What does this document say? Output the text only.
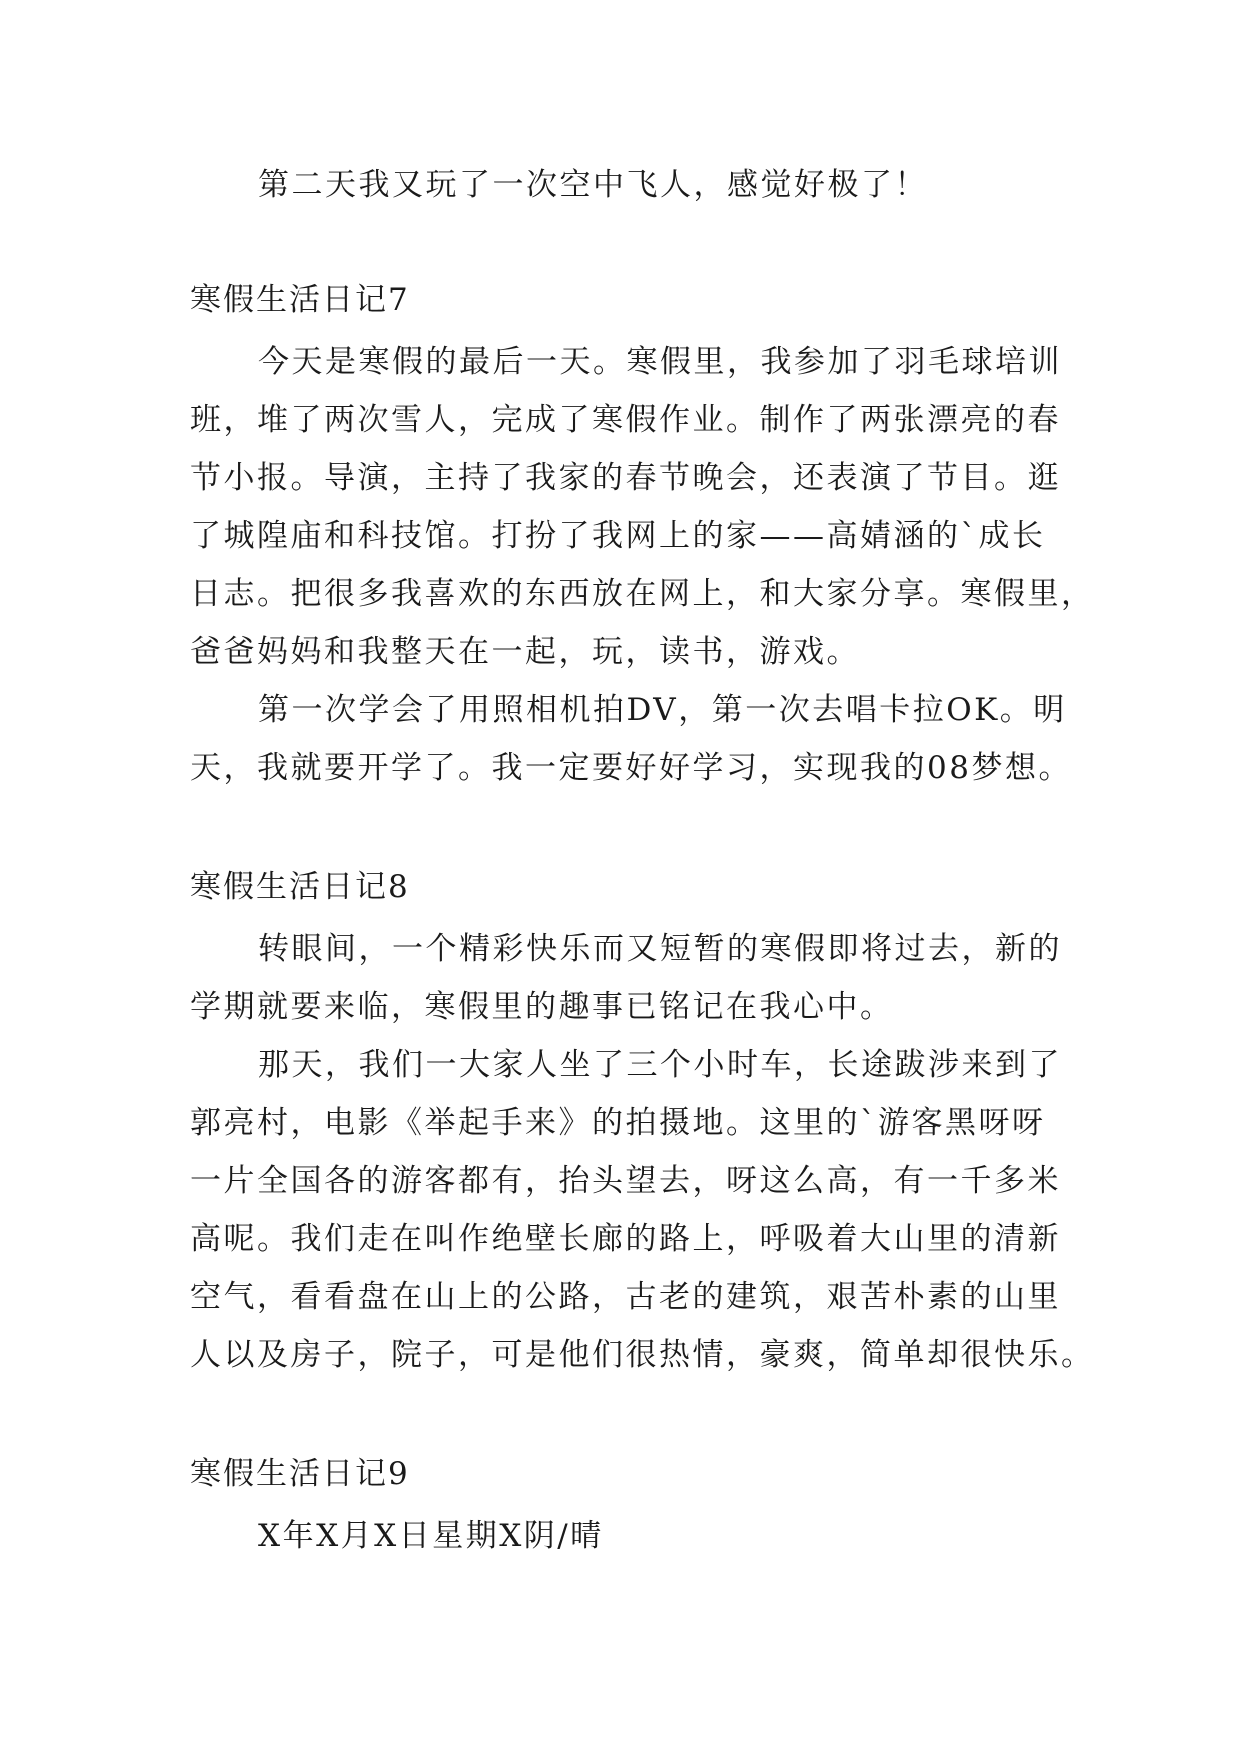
第二天我又玩了一次空中飞人，感觉好极了！
寒假生活日记7
今天是寒假的最后一天。寒假里，我参加了羽毛球培训
班，堆了两次雪人，完成了寒假作业。制作了两张漂亮的春
节小报。导演，主持了我家的春节晚会，还表演了节目。逛
了城隍庙和科技馆。打扮了我网上的家——高婧涵的`成长
日志。把很多我喜欢的东西放在网上，和大家分享。寒假里，
爸爸妈妈和我整天在一起，玩，读书，游戏。
第一次学会了用照相机拍DV，第一次去唱卡拉OK。明
天，我就要开学了。我一定要好好学习，实现我的08梦想。
寒假生活日记8
转眼间，一个精彩快乐而又短暂的寒假即将过去，新的
学期就要来临，寒假里的趣事已铭记在我心中。
那天，我们一大家人坐了三个小时车，长途跋涉来到了
郭亮村，电影《举起手来》的拍摄地。这里的`游客黑呀呀
一片全国各的游客都有，抬头望去，呀这么高，有一千多米
高呢。我们走在叫作绝壁长廊的路上，呼吸着大山里的清新
空气，看看盘在山上的公路，古老的建筑，艰苦朴素的山里
人以及房子，院子，可是他们很热情，豪爽，简单却很快乐。
寒假生活日记9
X年X月X日星期X阴/晴
